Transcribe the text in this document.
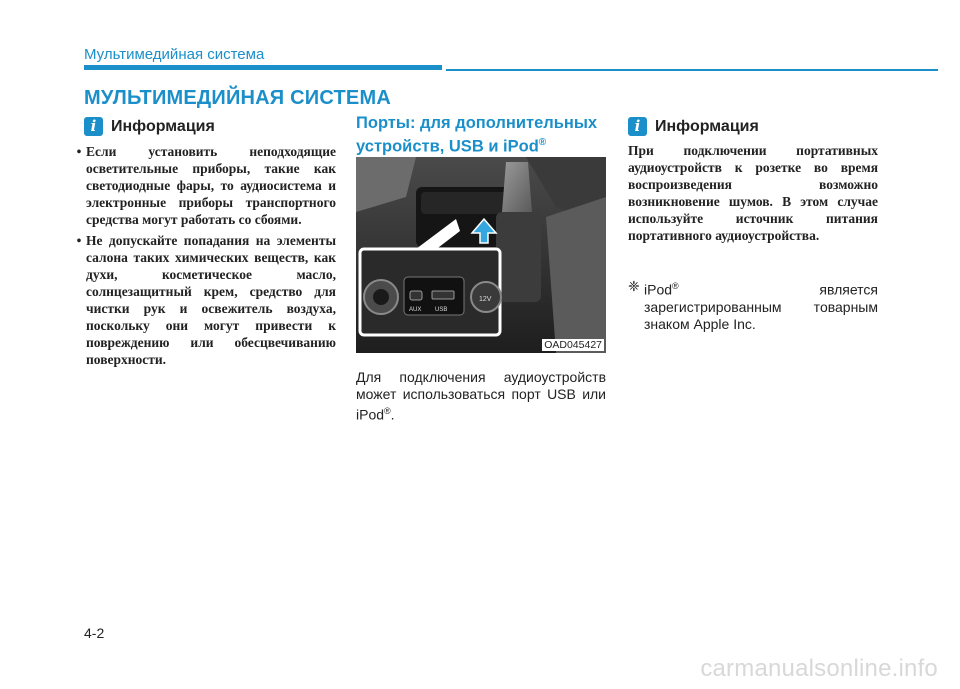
Мультимедийная система
МУЛЬТИМЕДИЙНАЯ СИСТЕМА
i Информация
• Если установить неподходящие осветительные приборы, такие как светодиодные фары, то аудиосистема и электронные приборы транспортного средства могут работать со сбоями.
• Не допускайте попадания на элементы салона таких химических веществ, как духи, косметическое масло, солнцезащитный крем, средство для чистки рук и освежитель воздуха, поскольку они могут привести к повреждению или обесцвечиванию поверхности.
Порты: для дополнительных устройств, USB и iPod®
AUX USB
12V
OAD045427
Для подключения аудиоустройств может использоваться порт USB или iPod®.
i Информация
При подключении портативных аудиоустройств к розетке во время воспроизведения возможно возникновение шумов. В этом случае используйте источник питания портативного аудиоустройства.
❈ iPod® является зарегистрированным товарным знаком Apple Inc.
4-2
carmanualsonline.info
